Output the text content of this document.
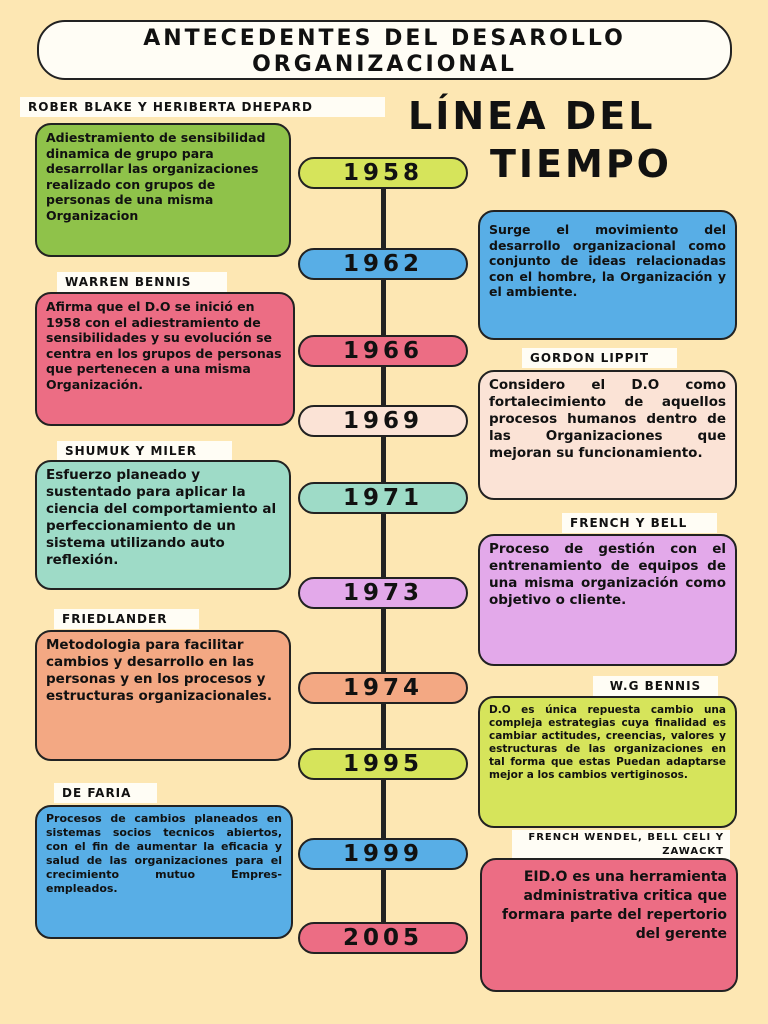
ANTECEDENTES DEL DESAROLLO
ORGANIZACIONAL
LÍNEA DEL
TIEMPO
1958
1962
1966
1969
1971
1973
1974
1995
1999
2005
ROBER BLAKE Y HERIBERTA DHEPARD
WARREN BENNIS
GORDON LIPPIT
SHUMUK Y MILER
FRENCH Y BELL
FRIEDLANDER
W.G BENNIS
DE FARIA
FRENCH WENDEL, BELL CELI Y
ZAWACKT
Adiestramiento de sensibilidad dinamica de grupo para desarrollar las organizaciones realizado con grupos de personas de una misma Organizacion
Surge el movimiento del desarrollo organizacional como conjunto de ideas relacionadas con el hombre, la Organización y el ambiente.
Afirma que el D.O se inició en 1958 con el adiestramiento de sensibilidades y su evolución se centra en los grupos de personas que pertenecen a una misma Organización.	Considero el D.O como fortalecimiento de aquellos procesos humanos dentro de las Organizaciones que mejoran su funcionamiento.
Esfuerzo planeado y sustentado para aplicar la ciencia del comportamiento al perfeccionamiento de un sistema utilizando auto reflexión.
Proceso de gestión con el entrenamiento de equipos de una misma organización como objetivo o cliente.
Metodologia para facilitar cambios y desarrollo en las personas y en los procesos y estructuras organizacionales.
D.O es única repuesta cambio una compleja estrategias cuya finalidad es cambiar actitudes, creencias, valores y estructuras de las organizaciones en tal forma que estas Puedan adaptarse mejor a los cambios vertiginosos.
Procesos de cambios planeados en sistemas socios tecnicos abiertos, con el fin de aumentar la eficacia y salud de las organizaciones para el crecimiento mutuo Empres-empleados.
EID.O es una herramienta administrativa critica que formara parte del repertorio del gerente
